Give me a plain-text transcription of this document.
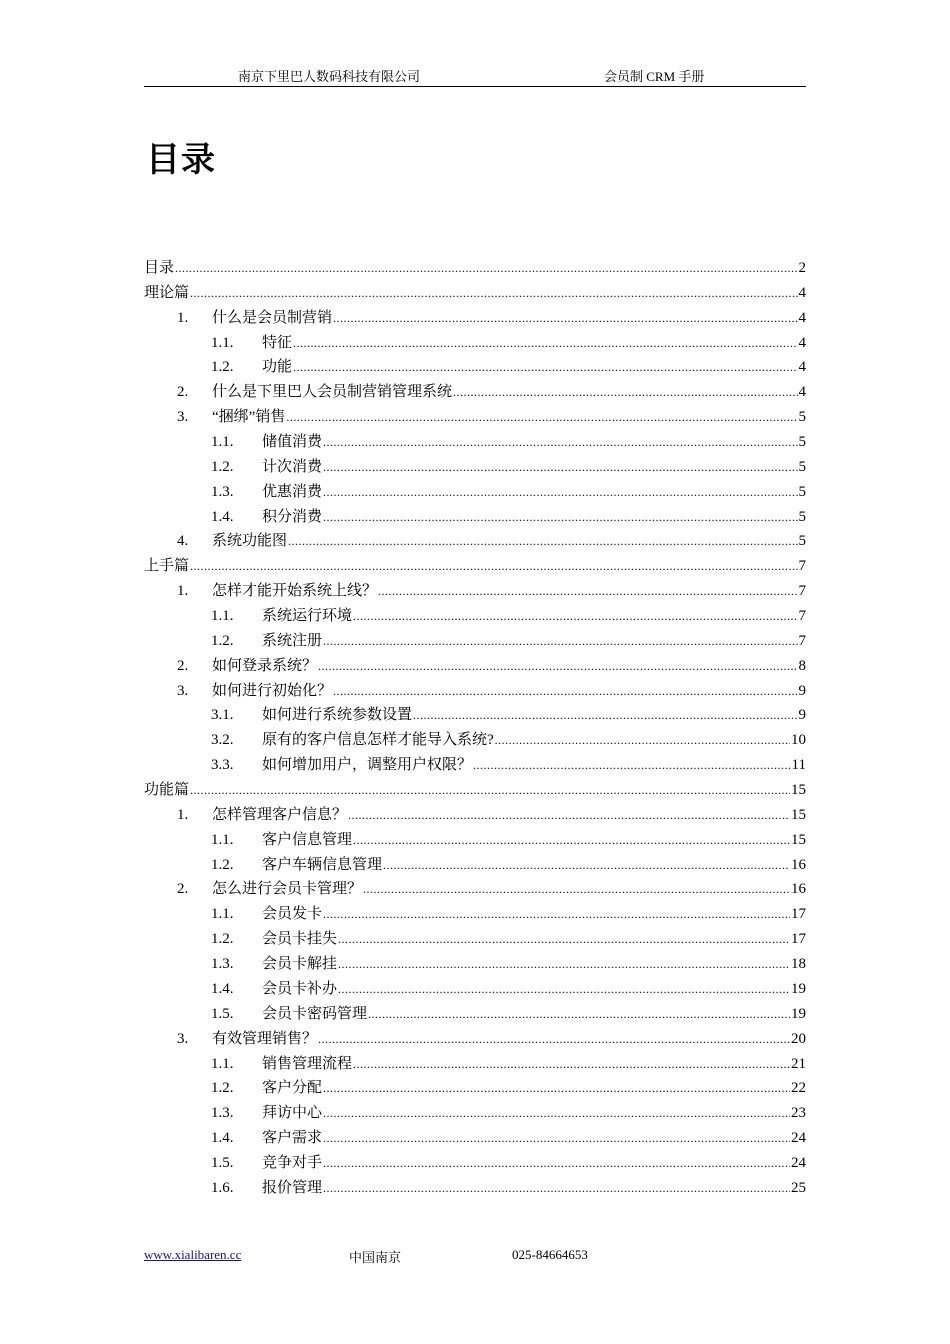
南京下里巴人数码科技有限公司	会员制 CRM 手册
目录
目录 .....	2
理论篇 .....	4
1. 什么是会员制营销 .....	4
1.1. 特征 .....	4
1.2. 功能 .....	4
2. 什么是下里巴人会员制营销管理系统 .....	4
3. “捆绑”销售 .....	5
1.1. 储值消费 .....	5
1.2. 计次消费 .....	5
1.3. 优惠消费 .....	5
1.4. 积分消费 .....	5
4. 系统功能图 .....	5
上手篇 .....	7
1. 怎样才能开始系统上线？ .....	7
1.1. 系统运行环境 .....	7
1.2. 系统注册 .....	7
2. 如何登录系统？ .....	8
3. 如何进行初始化？ .....	9
3.1. 如何进行系统参数设置 .....	9
3.2. 原有的客户信息怎样才能导入系统? .....	10
3.3. 如何增加用户，调整用户权限？ .....	11
功能篇 .....	15
1. 怎样管理客户信息？ .....	15
1.1. 客户信息管理 .....	15
1.2. 客户车辆信息管理 .....	16
2. 怎么进行会员卡管理？ .....	16
1.1. 会员发卡 .....	17
1.2. 会员卡挂失 .....	17
1.3. 会员卡解挂 .....	18
1.4. 会员卡补办 .....	19
1.5. 会员卡密码管理 .....	19
3. 有效管理销售？ .....	20
1.1. 销售管理流程 .....	21
1.2. 客户分配 .....	22
1.3. 拜访中心 .....	23
1.4. 客户需求 .....	24
1.5. 竞争对手 .....	24
1.6. 报价管理 .....	25
www.xialibaren.cc	中国南京	025-84664653
